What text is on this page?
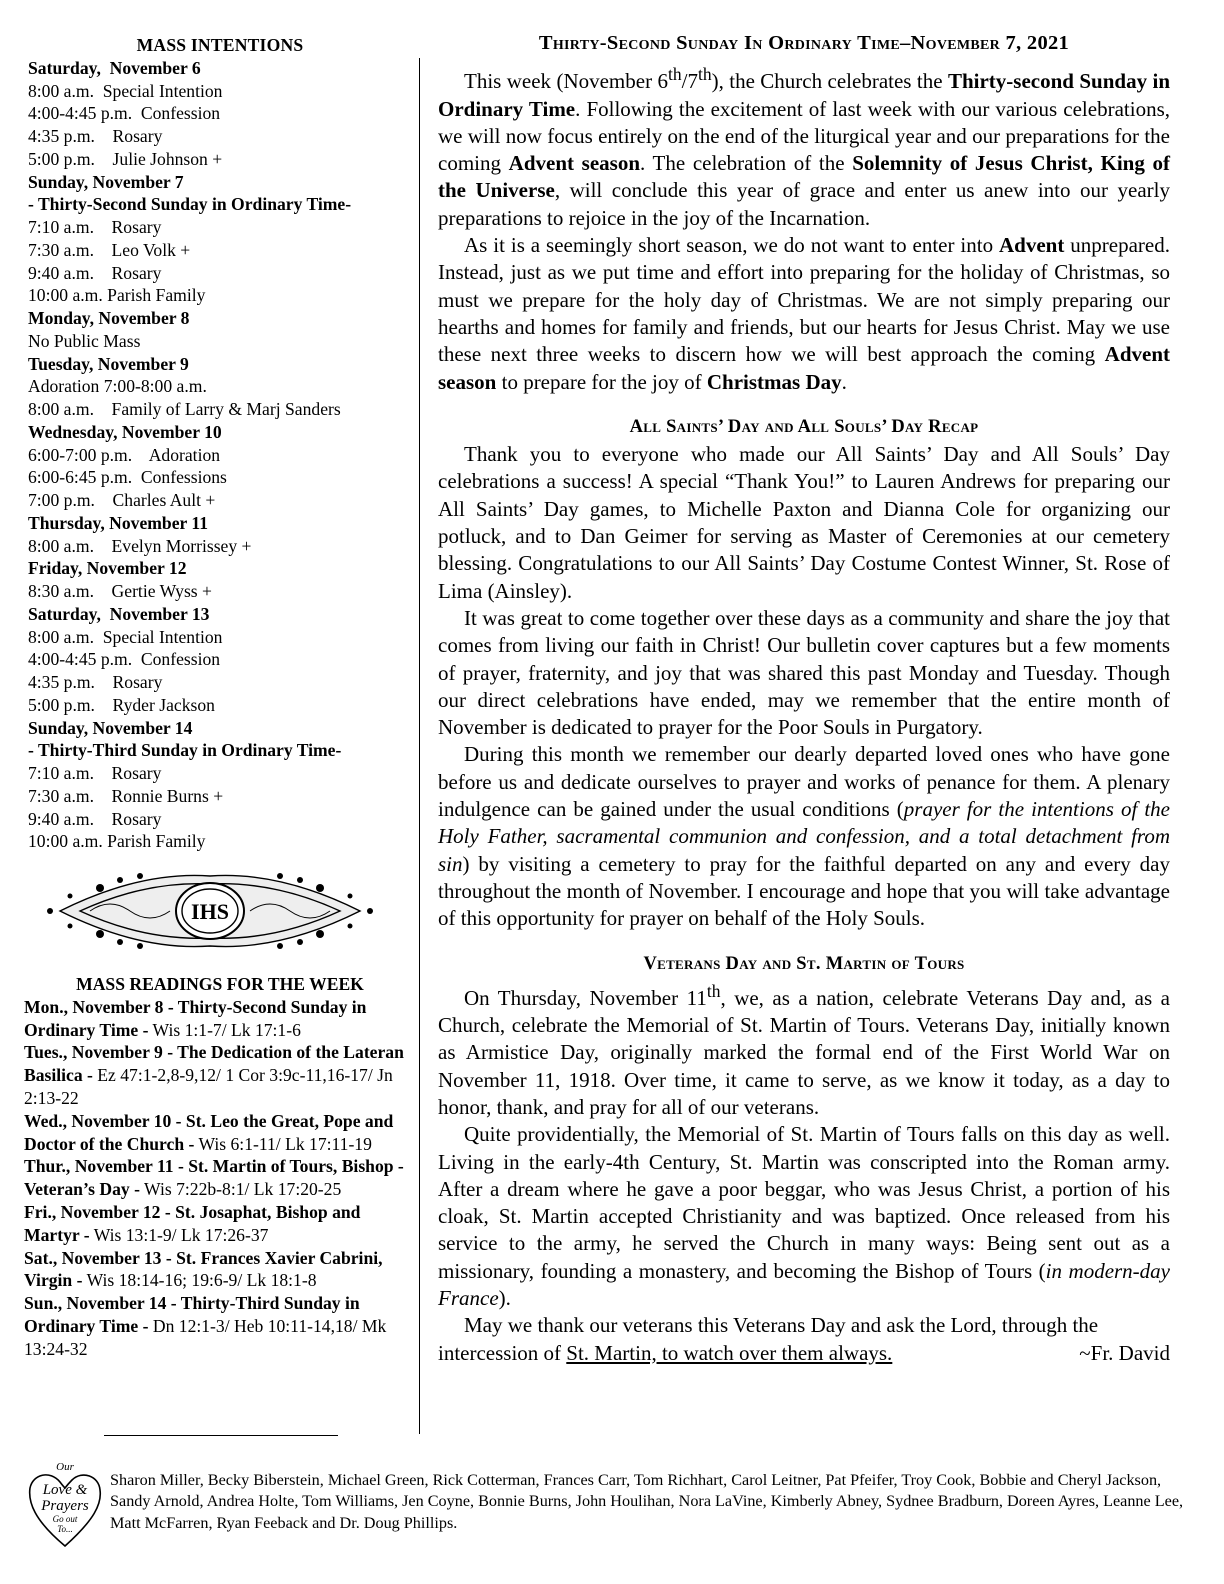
MASS INTENTIONS
Saturday,  November 6
8:00 a.m.  Special Intention
4:00-4:45 p.m.  Confession
4:35 p.m.    Rosary
5:00 p.m.    Julie Johnson +
Sunday, November 7
- Thirty-Second Sunday in Ordinary Time-
7:10 a.m.    Rosary
7:30 a.m.    Leo Volk +
9:40 a.m.    Rosary
10:00 a.m. Parish Family
Monday, November 8
No Public Mass
Tuesday, November 9
Adoration 7:00-8:00 a.m.
8:00 a.m.    Family of Larry & Marj Sanders
Wednesday, November 10
6:00-7:00 p.m.    Adoration
6:00-6:45 p.m.  Confessions
7:00 p.m.    Charles Ault +
Thursday, November 11
8:00 a.m.    Evelyn Morrissey +
Friday, November 12
8:30 a.m.    Gertie Wyss +
Saturday,  November 13
8:00 a.m.  Special Intention
4:00-4:45 p.m.  Confession
4:35 p.m.    Rosary
5:00 p.m.    Ryder Jackson
Sunday, November 14
- Thirty-Third Sunday in Ordinary Time-
7:10 a.m.    Rosary
7:30 a.m.    Ronnie Burns +
9:40 a.m.    Rosary
10:00 a.m. Parish Family
IHS
MASS READINGS FOR THE WEEK

Mon., November 8 - Thirty-Second Sunday in Ordinary Time - Wis 1:1-7/ Lk 17:1-6

Tues., November 9 - The Dedication of the Lateran Basilica - Ez 47:1-2,8-9,12/ 1 Cor 3:9c-11,16-17/ Jn 2:13-22

Wed., November 10 - St. Leo the Great, Pope and Doctor of the Church - Wis 6:1-11/ Lk 17:11-19

Thur., November 11 - St. Martin of Tours, Bishop - Veteran’s Day - Wis 7:22b-8:1/ Lk 17:20-25

Fri., November 12 - St. Josaphat, Bishop and Martyr - Wis 13:1-9/ Lk 17:26-37

Sat., November 13 - St. Frances Xavier Cabrini, Virgin - Wis 18:14-16; 19:6-9/ Lk 18:1-8

Sun., November 14 - Thirty-Third Sunday in Ordinary Time - Dn 12:1-3/ Heb 10:11-14,18/ Mk 13:24-32

Thirty-Second Sunday In Ordinary Time–November 7, 2021

This week (November 6th/7th), the Church celebrates the Thirty-second Sunday in Ordinary Time. Following the excitement of last week with our various celebrations, we will now focus entirely on the end of the liturgical year and our preparations for the coming Advent season. The celebration of the Solemnity of Jesus Christ, King of the Universe, will conclude this year of grace and enter us anew into our yearly preparations to rejoice in the joy of the Incarnation.

As it is a seemingly short season, we do not want to enter into Advent unprepared. Instead, just as we put time and effort into preparing for the holiday of Christmas, so must we prepare for the holy day of Christmas. We are not simply preparing our hearths and homes for family and friends, but our hearts for Jesus Christ. May we use these next three weeks to discern how we will best approach the coming Advent season to prepare for the joy of Christmas Day.

All Saints’ Day and All Souls’ Day Recap

Thank you to everyone who made our All Saints’ Day and All Souls’ Day celebrations a success! A special “Thank You!” to Lauren Andrews for preparing our All Saints’ Day games, to Michelle Paxton and Dianna Cole for organizing our potluck, and to Dan Geimer for serving as Master of Ceremonies at our cemetery blessing. Congratulations to our All Saints’ Day Costume Contest Winner, St. Rose of Lima (Ainsley).

It was great to come together over these days as a community and share the joy that comes from living our faith in Christ! Our bulletin cover captures but a few moments of prayer, fraternity, and joy that was shared this past Monday and Tuesday. Though our direct celebrations have ended, may we remember that the entire month of November is dedicated to prayer for the Poor Souls in Purgatory.

During this month we remember our dearly departed loved ones who have gone before us and dedicate ourselves to prayer and works of penance for them. A plenary indulgence can be gained under the usual conditions (prayer for the intentions of the Holy Father, sacramental communion and confession, and a total detachment from sin) by visiting a cemetery to pray for the faithful departed on any and every day throughout the month of November. I encourage and hope that you will take advantage of this opportunity for prayer on behalf of the Holy Souls.

Veterans Day and St. Martin of Tours

On Thursday, November 11th, we, as a nation, celebrate Veterans Day and, as a Church, celebrate the Memorial of St. Martin of Tours. Veterans Day, initially known as Armistice Day, originally marked the formal end of the First World War on November 11, 1918. Over time, it came to serve, as we know it today, as a day to honor, thank, and pray for all of our veterans.

Quite providentially, the Memorial of St. Martin of Tours falls on this day as well. Living in the early-4th Century, St. Martin was conscripted into the Roman army. After a dream where he gave a poor beggar, who was Jesus Christ, a portion of his cloak, St. Martin accepted Christianity and was baptized. Once released from his service to the army, he served the Church in many ways: Being sent out as a missionary, founding a monastery, and becoming the Bishop of Tours (in modern-day France).

May we thank our veterans this Veterans Day and ask the Lord, through the intercession of St. Martin, to watch over them always.	~Fr. David

Our
Love &
Prayers
Go out
To...
Sharon Miller, Becky Biberstein, Michael Green, Rick Cotterman, Frances Carr, Tom Richhart, Carol Leitner, Pat Pfeifer, Troy Cook, Bobbie and Cheryl Jackson, Sandy Arnold, Andrea Holte, Tom Williams, Jen Coyne, Bonnie Burns, John Houlihan, Nora LaVine, Kimberly Abney, Sydnee Bradburn, Doreen Ayres, Leanne Lee, Matt McFarren, Ryan Feeback and Dr. Doug Phillips.
